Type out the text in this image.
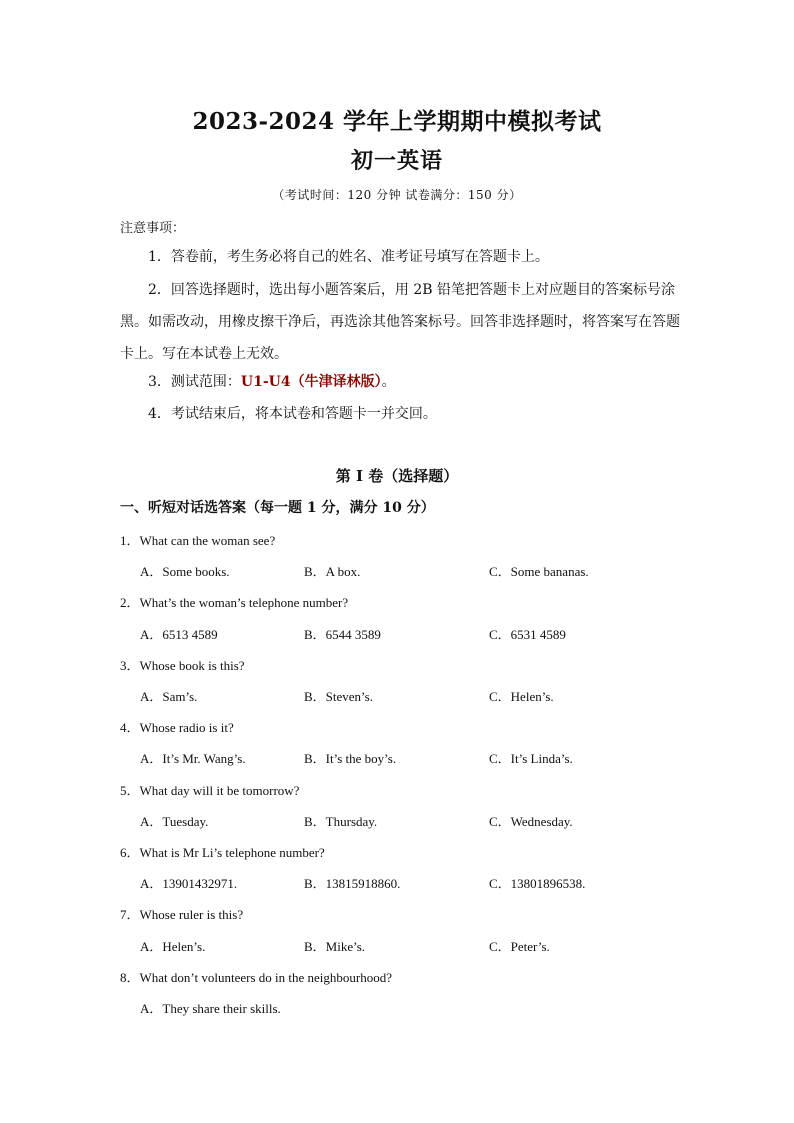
2023-2024 学年上学期期中模拟考试
初一英语
（考试时间：120 分钟 试卷满分：150 分）
注意事项：
1．答卷前，考生务必将自己的姓名、准考证号填写在答题卡上。
2．回答选择题时，选出每小题答案后，用 2B 铅笔把答题卡上对应题目的答案标号涂
黑。如需改动，用橡皮擦干净后，再选涂其他答案标号。回答非选择题时，将答案写在答题
卡上。写在本试卷上无效。
3．测试范围：U1-U4（牛津译林版）。
4．考试结束后，将本试卷和答题卡一并交回。
第 I 卷（选择题）
一、听短对话选答案（每一题 1 分，满分 10 分）
1．What can the woman see?
A．Some books.	B．A box.	C．Some bananas.
2．What’s the woman’s telephone number?
A．6513 4589	B．6544 3589	C．6531 4589
3．Whose book is this?
A．Sam’s.	B．Steven’s.	C．Helen’s.
4．Whose radio is it?
A．It’s Mr. Wang’s.	B．It’s the boy’s.	C．It’s Linda’s.
5．What day will it be tomorrow?
A．Tuesday.	B．Thursday.	C．Wednesday.
6．What is Mr Li’s telephone number?
A．13901432971.	B．13815918860.	C．13801896538.
7．Whose ruler is this?
A．Helen’s.	B．Mike’s.	C．Peter’s.
8．What don’t volunteers do in the neighbourhood?
A．They share their skills.
